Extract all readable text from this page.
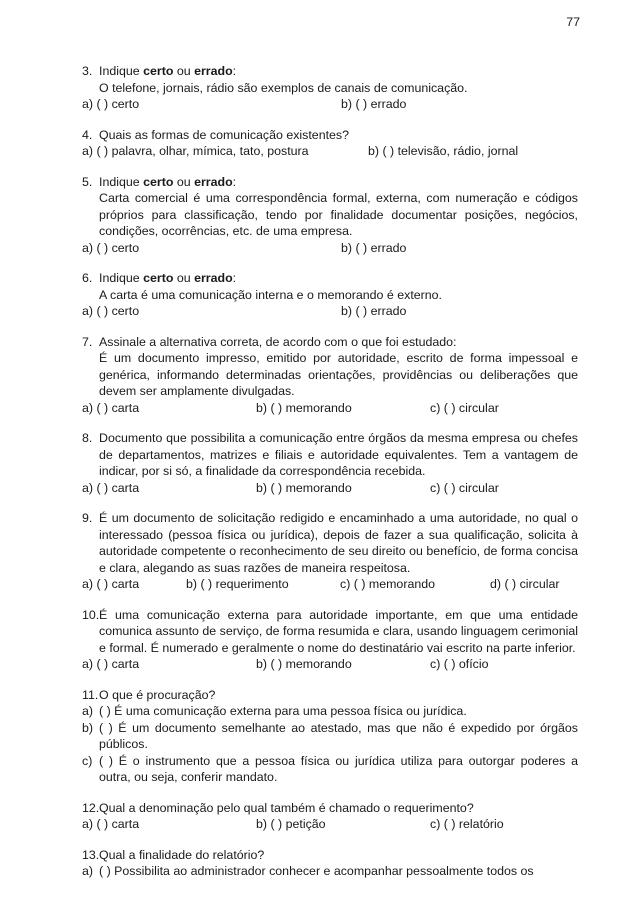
77
3. Indique certo ou errado:
O telefone, jornais, rádio são exemplos de canais de comunicação.
a) ( ) certo	b) ( ) errado
4. Quais as formas de comunicação existentes?
a) ( ) palavra, olhar, mímica, tato, postura	b) ( ) televisão, rádio, jornal
5. Indique certo ou errado:
Carta comercial é uma correspondência formal, externa, com numeração e códigos próprios para classificação, tendo por finalidade documentar posições, negócios, condições, ocorrências, etc. de uma empresa.
a) ( ) certo	b) ( ) errado
6. Indique certo ou errado:
A carta é uma comunicação interna e o memorando é externo.
a) ( ) certo	b) ( ) errado
7. Assinale a alternativa correta, de acordo com o que foi estudado:
É um documento impresso, emitido por autoridade, escrito de forma impessoal e genérica, informando determinadas orientações, providências ou deliberações que devem ser amplamente divulgadas.
a) ( ) carta	b) ( ) memorando	c) ( ) circular
8. Documento que possibilita a comunicação entre órgãos da mesma empresa ou chefes de departamentos, matrizes e filiais e autoridade equivalentes. Tem a vantagem de indicar, por si só, a finalidade da correspondência recebida.
a) ( ) carta	b) ( ) memorando	c) ( ) circular
9. É um documento de solicitação redigido e encaminhado a uma autoridade, no qual o interessado (pessoa física ou jurídica), depois de fazer a sua qualificação, solicita à autoridade competente o reconhecimento de seu direito ou benefício, de forma concisa e clara, alegando as suas razões de maneira respeitosa.
a) ( ) carta	b) ( ) requerimento	c) ( ) memorando	d) ( ) circular
10. É uma comunicação externa para autoridade importante, em que uma entidade comunica assunto de serviço, de forma resumida e clara, usando linguagem cerimonial e formal. É numerado e geralmente o nome do destinatário vai escrito na parte inferior.
a) ( ) carta	b) ( ) memorando	c) ( ) ofício
11. O que é procuração?
a) ( ) É uma comunicação externa para uma pessoa física ou jurídica.
b) ( ) É um documento semelhante ao atestado, mas que não é expedido por órgãos públicos.
c) ( ) É o instrumento que a pessoa física ou jurídica utiliza para outorgar poderes a outra, ou seja, conferir mandato.
12. Qual a denominação pelo qual também é chamado o requerimento?
a) ( ) carta	b) ( ) petição	c) ( ) relatório
13. Qual a finalidade do relatório?
a) ( ) Possibilita ao administrador conhecer e acompanhar pessoalmente todos os
